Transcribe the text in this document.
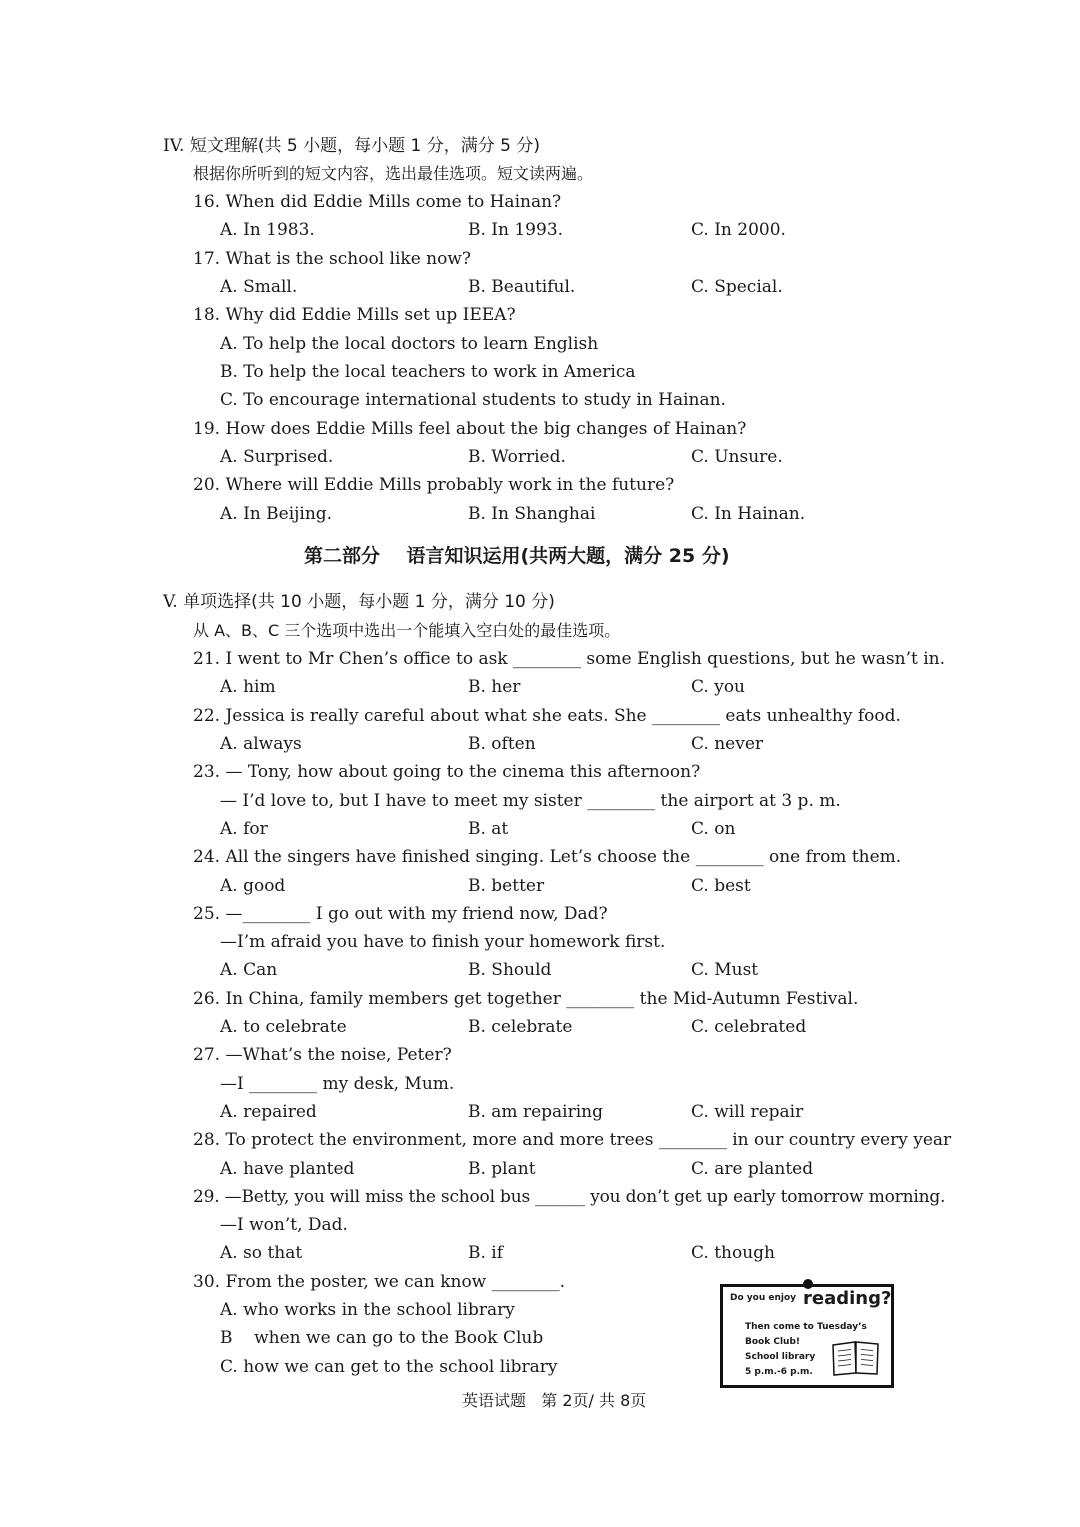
IV. 短文理解(共 5 小题，每小题 1 分，满分 5 分)
根据你所听到的短文内容，选出最佳选项。短文读两遍。
16. When did Eddie Mills come to Hainan?
A. In 1983.	B. In 1993.	C. In 2000.
17. What is the school like now?
A. Small.	B. Beautiful.	C. Special.
18. Why did Eddie Mills set up IEEA?
A. To help the local doctors to learn English
B. To help the local teachers to work in America
C. To encourage international students to study in Hainan.
19. How does Eddie Mills feel about the big changes of Hainan?
A. Surprised.	B. Worried.	C. Unsure.
20. Where will Eddie Mills probably work in the future?
A. In Beijing.	B. In Shanghai	C. In Hainan.
第二部分    语言知识运用(共两大题，满分 25 分)
V. 单项选择(共 10 小题，每小题 1 分，满分 10 分)
从 A、B、C 三个选项中选出一个能填入空白处的最佳选项。
21. I went to Mr Chen’s office to ask ________ some English questions, but he wasn’t in.
A. him	B. her	C. you
22. Jessica is really careful about what she eats. She ________ eats unhealthy food.
A. always	B. often	C. never
23. — Tony, how about going to the cinema this afternoon?
— I’d love to, but I have to meet my sister ________ the airport at 3 p. m.
A. for	B. at	C. on
24. All the singers have finished singing. Let’s choose the ________ one from them.
A. good	B. better	C. best
25. —________ I go out with my friend now, Dad?
—I’m afraid you have to finish your homework first.
A. Can	B. Should	C. Must
26. In China, family members get together ________ the Mid-Autumn Festival.
A. to celebrate	B. celebrate	C. celebrated
27. —What’s the noise, Peter?
—I ________ my desk, Mum.
A. repaired	B. am repairing	C. will repair
28. To protect the environment, more and more trees ________ in our country every year
A. have planted	B. plant	C. are planted
29. —Betty, you will miss the school bus ______ you don’t get up early tomorrow morning.
—I won’t, Dad.
A. so that	B. if	C. though
30. From the poster, we can know ________.
A. who works in the school library
B    when we can go to the Book Club
C. how we can get to the school library
Do you enjoy reading?
Then come to Tuesday’s
Book Club!
School library
5 p.m.-6 p.m.
英语试题   第 2页/ 共 8页
